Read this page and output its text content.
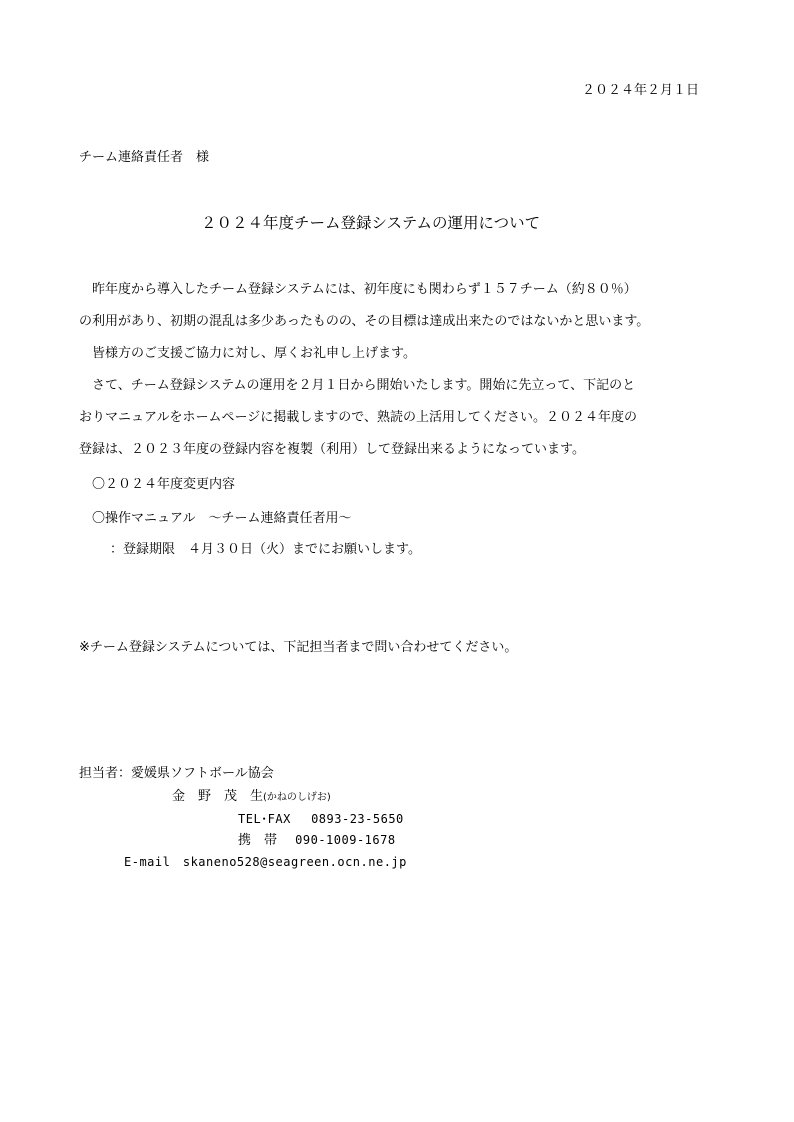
２０２４年２月１日
チーム連絡責任者　様
２０２４年度チーム登録システムの運用について
　昨年度から導入したチーム登録システムには、初年度にも関わらず１５７チーム（約８０％）
の利用があり、初期の混乱は多少あったものの、その目標は達成出来たのではないかと思います。
　皆様方のご支援ご協力に対し、厚くお礼申し上げます。
　さて、チーム登録システムの運用を２月１日から開始いたします。開始に先立って、下記のと
おりマニュアルをホームページに掲載しますので、熟読の上活用してください。２０２４年度の
登録は、２０２３年度の登録内容を複製（利用）して登録出来るようになっています。
〇２０２４年度変更内容
〇操作マニュアル　～チーム連絡責任者用～
：登録期限　４月３０日（火）までにお願いします。
※チーム登録システムについては、下記担当者まで問い合わせてください。
担当者：愛媛県ソフトボール協会
金　野　茂　生(かねのしげお)
TEL･FAX　 0893-23-5650
携　帯 090-1009-1678
E-mail　skaneno528@seagreen.ocn.ne.jp
